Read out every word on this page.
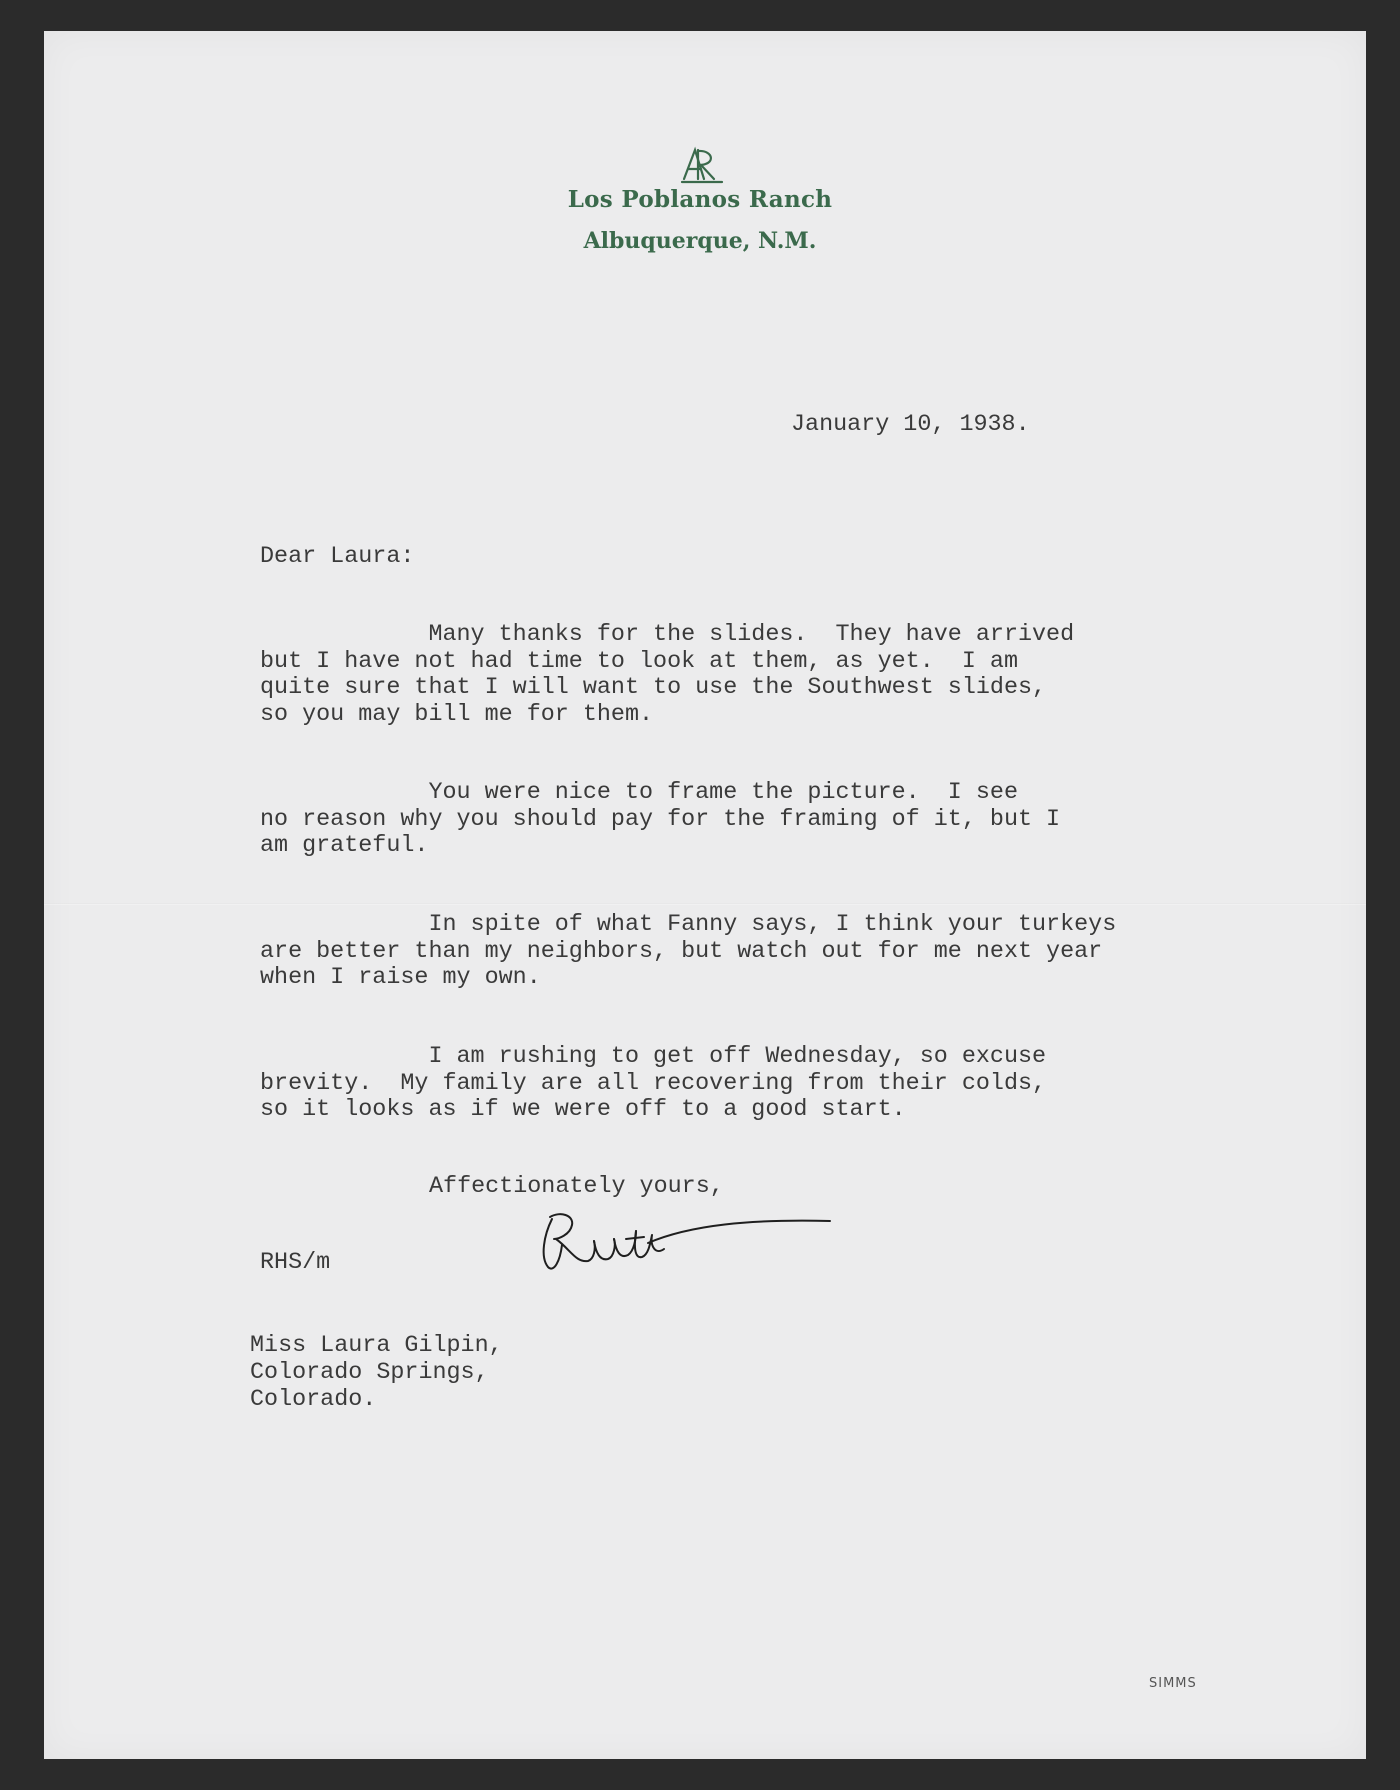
Los Poblanos Ranch
Albuquerque, N.M.
January 10, 1938.
Dear Laura:
Many thanks for the slides.  They have arrived
but I have not had time to look at them, as yet.  I am
quite sure that I will want to use the Southwest slides,
so you may bill me for them.
You were nice to frame the picture.  I see
no reason why you should pay for the framing of it, but I
am grateful.
In spite of what Fanny says, I think your turkeys
are better than my neighbors, but watch out for me next year
when I raise my own.
I am rushing to get off Wednesday, so excuse
brevity.  My family are all recovering from their colds,
so it looks as if we were off to a good start.
Affectionately yours,
RHS/m
Miss Laura Gilpin,
Colorado Springs,
Colorado.
SIMMS
